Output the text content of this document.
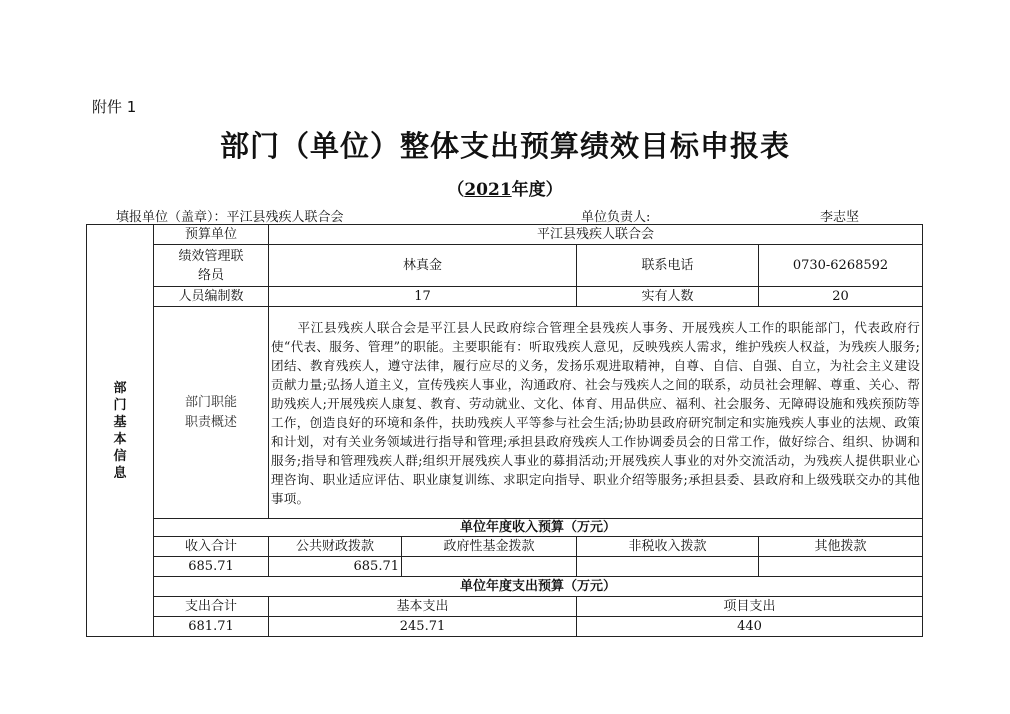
附件 1
部门（单位）整体支出预算绩效目标申报表
（2021年度）
填报单位（盖章）：平江县残疾人联合会	单位负责人:	李志坚
部门基本信息	预算单位	平江县残疾人联合会			

	绩效管理联络员	林真金		联系电话	0730-6268592
	人员编制数	17		实有人数	20

	部门职能职责概述	平江县残疾人联合会是平江县人民政府综合管理全县残疾人事务、开展残疾人工作的职能部门，代表政府行使“代表、服务、管理”的职能。主要职能有：听取残疾人意见，反映残疾人需求，维护残疾人权益，为残疾人服务;团结、教育残疾人，遵守法律，履行应尽的义务，发扬乐观进取精神，自尊、自信、自强、自立，为社会主义建设贡献力量;弘扬人道主义，宣传残疾人事业，沟通政府、社会与残疾人之间的联系，动员社会理解、尊重、关心、帮助残疾人;开展残疾人康复、教育、劳动就业、文化、体育、用品供应、福利、社会服务、无障碍设施和残疾预防等工作，创造良好的环境和条件，扶助残疾人平等参与社会生活;协助县政府研究制定和实施残疾人事业的法规、政策和计划，对有关业务领域进行指导和管理;承担县政府残疾人工作协调委员会的日常工作，做好综合、组织、协调和服务;指导和管理残疾人群;组织开展残疾人事业的募捐活动;开展残疾人事业的对外交流活动，为残疾人提供职业心理咨询、职业适应评估、职业康复训练、求职定向指导、职业介绍等服务;承担县委、县政府和上级残联交办的其他事项。			
	单位年度收入预算（万元）				
	收入合计	公共财政拨款	政府性基金拨款	非税收入拨款	其他拨款
	685.71	685.71			
	单位年度支出预算（万元）				
	支出合计	基本支出		项目支出	
	681.71	245.71		440	
